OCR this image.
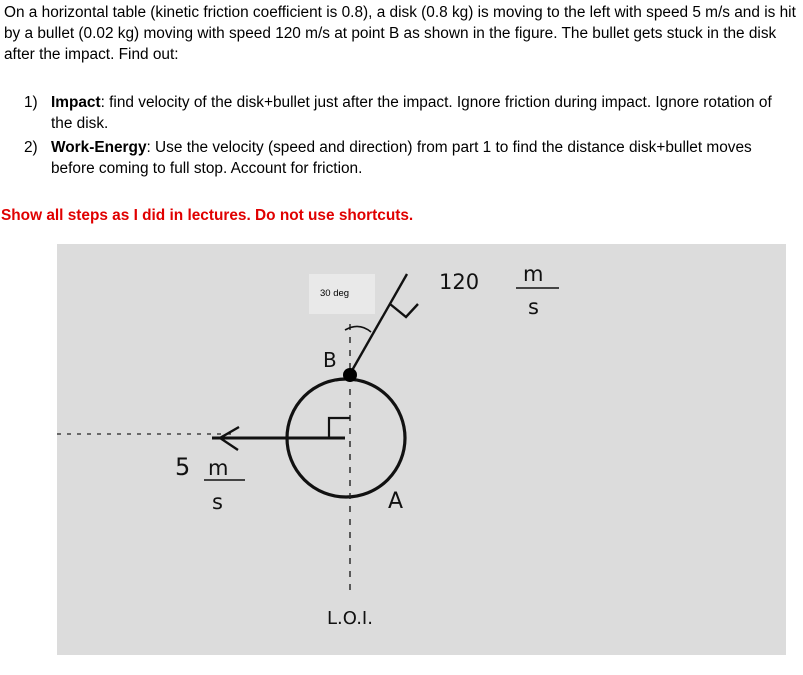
On a horizontal table (kinetic friction coefficient is 0.8), a disk (0.8 kg) is moving to the left with speed 5 m/s and is hit by a bullet (0.02 kg) moving with speed 120 m/s at point B as shown in the figure. The bullet gets stuck in the disk after the impact. Find out:

1) Impact: find velocity of the disk+bullet just after the impact. Ignore friction during impact. Ignore rotation of the disk.
2) Work-Energy: Use the velocity (speed and direction) from part 1 to find the distance disk+bullet moves before coming to full stop. Account for friction.

Show all steps as I did in lectures. Do not use shortcuts.

120 m
s
5 m
s
B
A
L.O.I.
30 deg
